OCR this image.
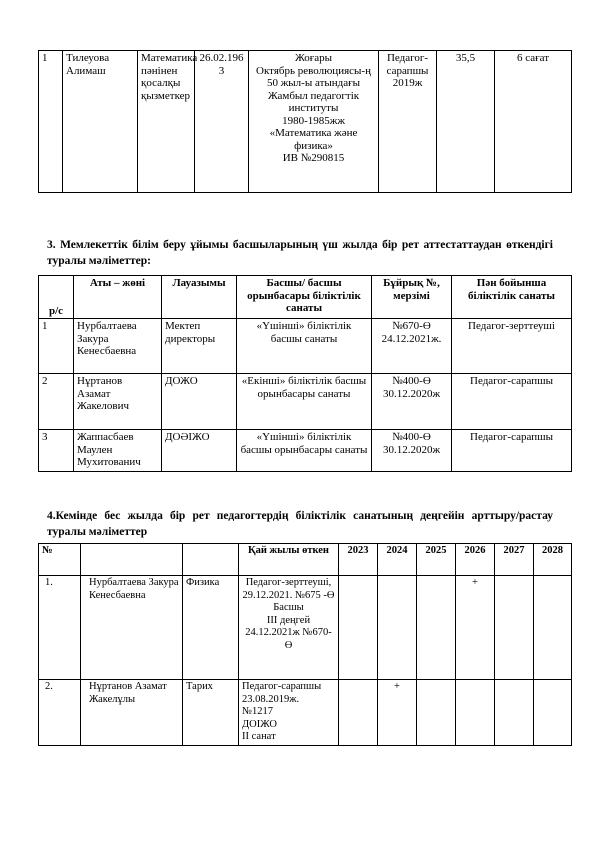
1	Тилеуова Алимаш	Математика пәнінен қосалқы қызметкер	26.02.1963	Жоғары
Октябрь революциясы-ң 50 жыл-ы атындағы Жамбыл педагогтік институты
1980-1985жж
«Математика және физика»
ИВ №290815	Педагог-сарапшы 2019ж	35,5	6 сағат
3. Мемлекеттік білім беру ұйымы басшыларының үш жылда бір рет аттестаттаудан өткендігі туралы мәліметтер:
р/с	Аты – жөні	Лауазымы	Басшы/ басшы орынбасары біліктілік санаты	Бұйрық №, мерзімі	Пән бойынша біліктілік санаты
1	Нурбалтаева Закура Кенесбаевна	Мектеп директоры	«Үшінші» біліктілік басшы санаты	№670-Ө 24.12.2021ж.	Педагог-зерттеуші
2	Нұртанов Азамат Жакелович	ДОЖО	«Екінші» біліктілік басшы орынбасары санаты	№400-Ө 30.12.2020ж	Педагог-сарапшы
3	Жаппасбаев Маулен Мухитованич	ДОӘІЖО	«Үшінші» біліктілік басшы орынбасары санаты	№400-Ө 30.12.2020ж	Педагог-сарапшы
4.Кемінде бес жылда бір рет педагогтердің біліктілік санатының деңгейін арттыру/растау туралы мәліметтер
№			Қай жылы өткен	2023	2024	2025	2026	2027	2028
1.	Нурбалтаева Закура Кенесбаевна	Физика	Педагог-зерттеуші, 29.12.2021. №675 -Ө
Басшы
ІІІ деңгей
24.12.2021ж №670-Ө				+		
2.	Нұртанов Азамат Жакелұлы	Тарих	Педагог-сарапшы 23.08.2019ж.
№1217
ДОІЖО
ІІ санат		+				
